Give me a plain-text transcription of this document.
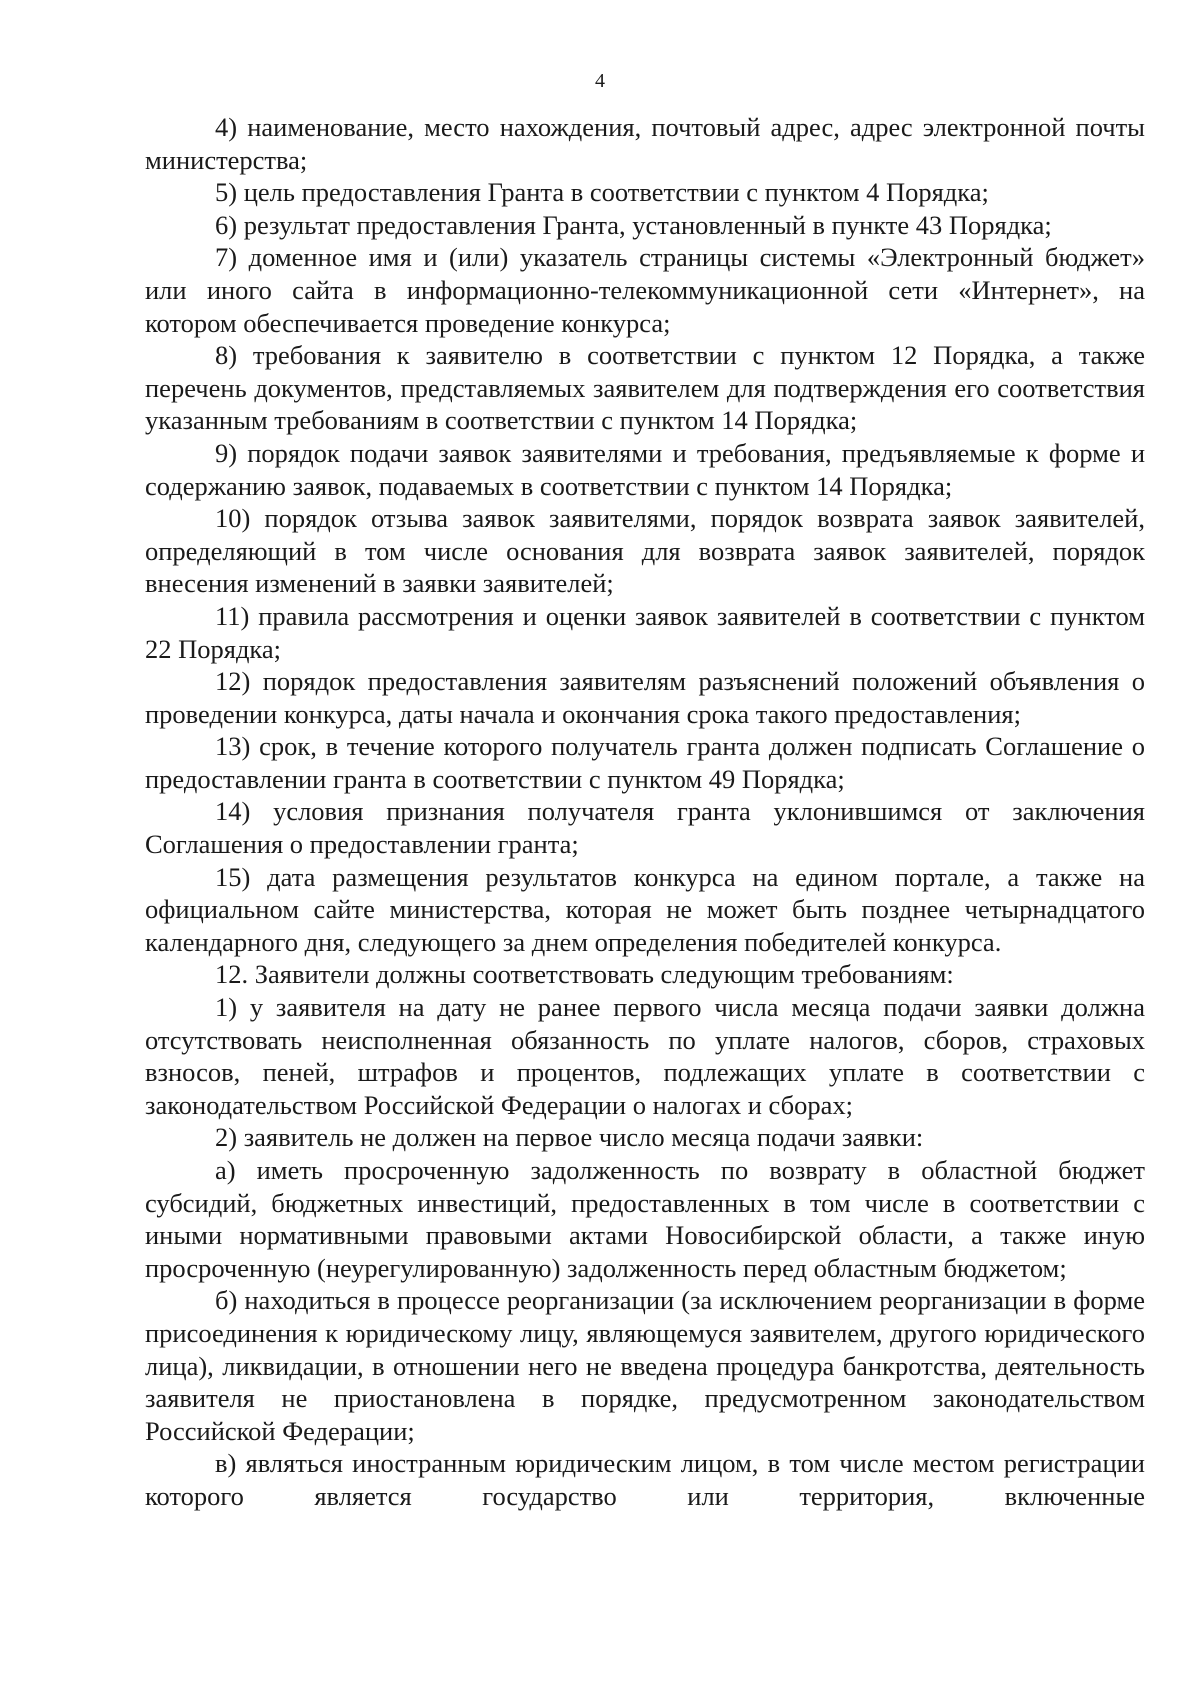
4

4) наименование, место нахождения, почтовый адрес, адрес электронной почты министерства;

5) цель предоставления Гранта в соответствии с пунктом 4 Порядка;

6) результат предоставления Гранта, установленный в пункте 43 Порядка;

7) доменное имя и (или) указатель страницы системы «Электронный бюджет» или иного сайта в информационно-телекоммуникационной сети «Интернет», на котором обеспечивается проведение конкурса;

8) требования к заявителю в соответствии с пунктом 12 Порядка, а также перечень документов, представляемых заявителем для подтверждения его соответствия указанным требованиям в соответствии с пунктом 14 Порядка;

9) порядок подачи заявок заявителями и требования, предъявляемые к форме и содержанию заявок, подаваемых в соответствии с пунктом 14 Порядка;

10) порядок отзыва заявок заявителями, порядок возврата заявок заявителей, определяющий в том числе основания для возврата заявок заявителей, порядок внесения изменений в заявки заявителей;

11) правила рассмотрения и оценки заявок заявителей в соответствии с пунктом 22 Порядка;

12) порядок предоставления заявителям разъяснений положений объявления о проведении конкурса, даты начала и окончания срока такого предоставления;

13) срок, в течение которого получатель гранта должен подписать Соглашение о предоставлении гранта в соответствии с пунктом 49 Порядка;

14) условия признания получателя гранта уклонившимся от заключения Соглашения о предоставлении гранта;

15) дата размещения результатов конкурса на едином портале, а также на официальном сайте министерства, которая не может быть позднее четырнадцатого календарного дня, следующего за днем определения победителей конкурса.

12. Заявители должны соответствовать следующим требованиям:

1) у заявителя на дату не ранее первого числа месяца подачи заявки должна отсутствовать неисполненная обязанность по уплате налогов, сборов, страховых взносов, пеней, штрафов и процентов, подлежащих уплате в соответствии с законодательством Российской Федерации о налогах и сборах;

2) заявитель не должен на первое число месяца подачи заявки:

а) иметь просроченную задолженность по возврату в областной бюджет субсидий, бюджетных инвестиций, предоставленных в том числе в соответствии с иными нормативными правовыми актами Новосибирской области, а также иную просроченную (неурегулированную) задолженность перед областным бюджетом;

б) находиться в процессе реорганизации (за исключением реорганизации в форме присоединения к юридическому лицу, являющемуся заявителем, другого юридического лица), ликвидации, в отношении него не введена процедура банкротства, деятельность заявителя не приостановлена в порядке, предусмотренном законодательством Российской Федерации;

в) являться иностранным юридическим лицом, в том числе местом регистрации которого является государство или территория, включенные
